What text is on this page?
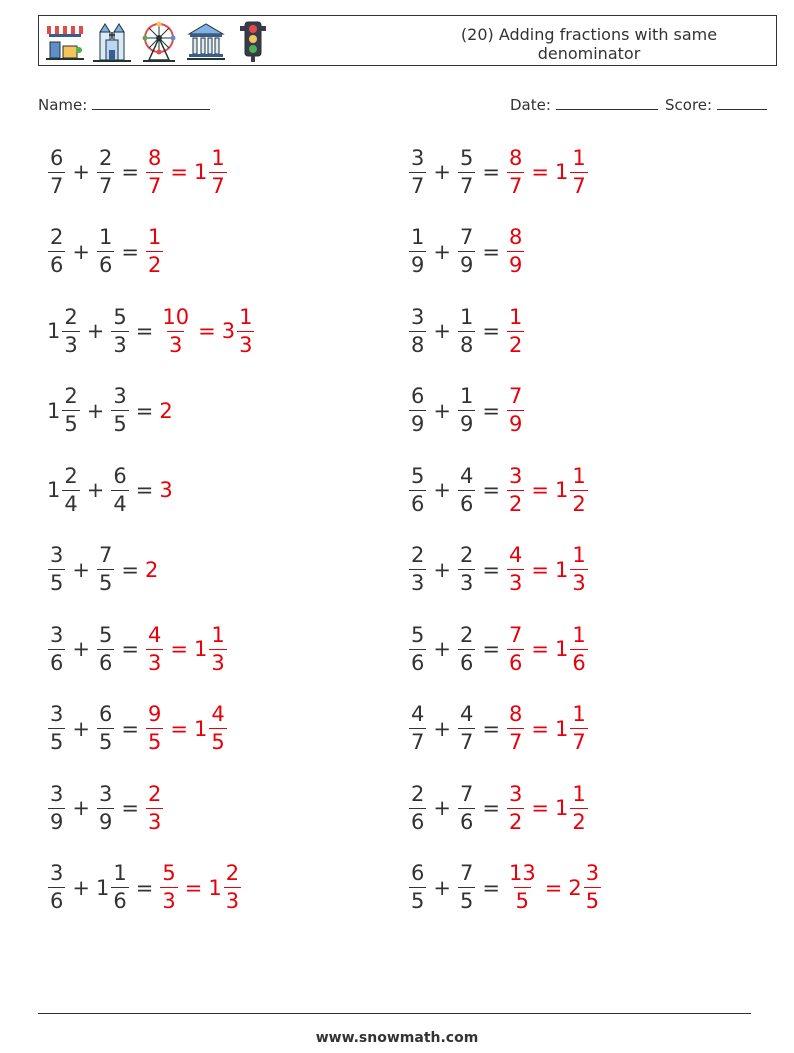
(20) Adding fractions with same denominator
Name:	Date:	Score:
$\frac{6}{7} + \frac{2}{7} = \frac{8}{7} = 1 \frac{1}{7}$	$\frac{3}{7} + \frac{5}{7} = \frac{8}{7} = 1 \frac{1}{7}$
$\frac{2}{6} + \frac{1}{6} = \frac{1}{2}$	$\frac{1}{9} + \frac{7}{9} = \frac{8}{9}$
$1 \frac{2}{3} + \frac{5}{3} = \frac{10}{3} = 3 \frac{1}{3}$	$\frac{3}{8} + \frac{1}{8} = \frac{1}{2}$
$1 \frac{2}{5} + \frac{3}{5} = 2$	$\frac{6}{9} + \frac{1}{9} = \frac{7}{9}$
$1 \frac{2}{4} + \frac{6}{4} = 3$	$\frac{5}{6} + \frac{4}{6} = \frac{3}{2} = 1 \frac{1}{2}$
$\frac{3}{5} + \frac{7}{5} = 2$	$\frac{2}{3} + \frac{2}{3} = \frac{4}{3} = 1 \frac{1}{3}$
$\frac{3}{6} + \frac{5}{6} = \frac{4}{3} = 1 \frac{1}{3}$	$\frac{5}{6} + \frac{2}{6} = \frac{7}{6} = 1 \frac{1}{6}$
$\frac{3}{5} + \frac{6}{5} = \frac{9}{5} = 1 \frac{4}{5}$	$\frac{4}{7} + \frac{4}{7} = \frac{8}{7} = 1 \frac{1}{7}$
$\frac{3}{9} + \frac{3}{9} = \frac{2}{3}$	$\frac{2}{6} + \frac{7}{6} = \frac{3}{2} = 1 \frac{1}{2}$
$\frac{3}{6} + 1 \frac{1}{6} = \frac{5}{3} = 1 \frac{2}{3}$	$\frac{6}{5} + \frac{7}{5} = \frac{13}{5} = 2 \frac{3}{5}$
www.snowmath.com
